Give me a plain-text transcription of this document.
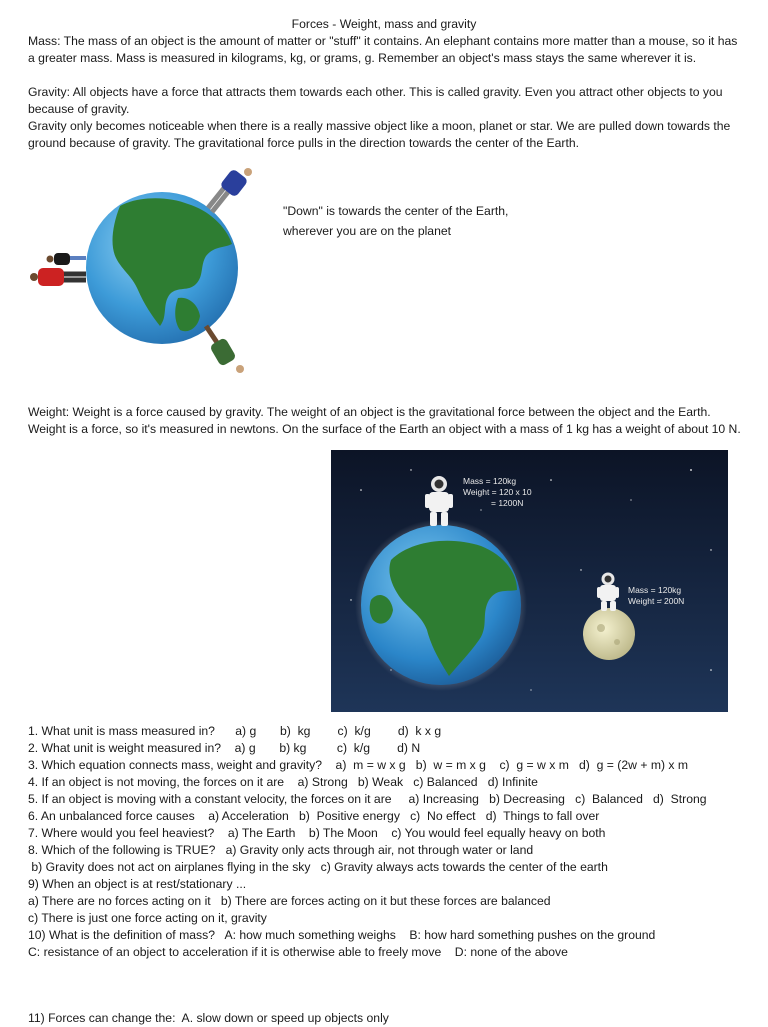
Forces - Weight, mass and gravity

Mass: The mass of an object is the amount of matter or "stuff" it contains. An elephant contains more matter than a mouse, so it has a greater mass. Mass is measured in kilograms, kg, or grams, g. Remember an object's mass stays the same wherever it is.

Gravity: All objects have a force that attracts them towards each other. This is called gravity. Even you attract other objects to you because of gravity.
Gravity only becomes noticeable when there is a really massive object like a moon, planet or star. We are pulled down towards the ground because of gravity. The gravitational force pulls in the direction towards the center of the Earth.
"Down" is towards the center of the Earth,
wherever you are on the planet

Weight: Weight is a force caused by gravity. The weight of an object is the gravitational force between the object and the Earth. Weight is a force, so it's measured in newtons. On the surface of the Earth an object with a mass of 1 kg has a weight of about 10 N.

Mass = 120kg
Weight = 120 x 10
= 1200N
Mass = 120kg
Weight = 200N
1. What unit is mass measured in?      a) g       b)  kg        c)  k/g        d)  k x g
2. What unit is weight measured in?    a) g       b) kg         c)  k/g        d) N
3. Which equation connects mass, weight and gravity?    a)  m = w x g   b)  w = m x g    c)  g = w x m   d)  g = (2w + m) x m
4. If an object is not moving, the forces on it are    a) Strong   b) Weak   c) Balanced   d) Infinite
5. If an object is moving with a constant velocity, the forces on it are     a) Increasing   b) Decreasing   c)  Balanced   d)  Strong
6. An unbalanced force causes    a) Acceleration   b)  Positive energy   c)  No effect   d)  Things to fall over
7. Where would you feel heaviest?    a) The Earth    b) The Moon    c) You would feel equally heavy on both
8. Which of the following is TRUE?   a) Gravity only acts through air, not through water or land
b) Gravity does not act on airplanes flying in the sky   c) Gravity always acts towards the center of the earth
9) When an object is at rest/stationary ...
a) There are no forces acting on it   b) There are forces acting on it but these forces are balanced
c) There is just one force acting on it, gravity
10) What is the definition of mass?   A: how much something weighs    B: how hard something pushes on the ground
C: resistance of an object to acceleration if it is otherwise able to freely move    D: none of the above
11) Forces can change the:  A. slow down or speed up objects only
